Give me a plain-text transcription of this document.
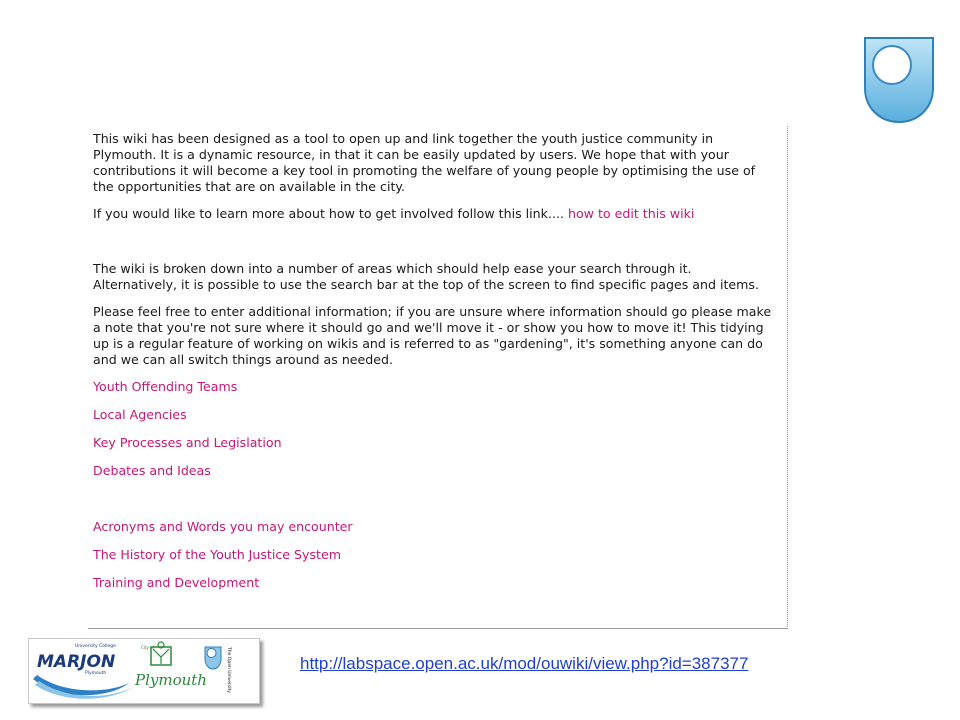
This wiki has been designed as a tool to open up and link together the youth justice community in Plymouth. It is a dynamic resource, in that it can be easily updated by users. We hope that with your contributions it will become a key tool in promoting the welfare of young people by optimising the use of the opportunities that are on available in the city.

If you would like to learn more about how to get involved follow this link.... how to edit this wiki

The wiki is broken down into a number of areas which should help ease your search through it. Alternatively, it is possible to use the search bar at the top of the screen to find specific pages and items.

Please feel free to enter additional information; if you are unsure where information should go please make a note that you're not sure where it should go and we'll move it - or show you how to move it! This tidying up is a regular feature of working on wikis and is referred to as "gardening", it's something anyone can do and we can all switch things around as needed.

Youth Offending Teams
Local Agencies
Key Processes and Legislation
Debates and Ideas
Acronyms and Words you may encounter
The History of the Youth Justice System
Training and Development
MARJON
University College
Plymouth
City of
Plymouth	The Open University	http://labspace.open.ac.uk/mod/ouwiki/view.php?id=387377
